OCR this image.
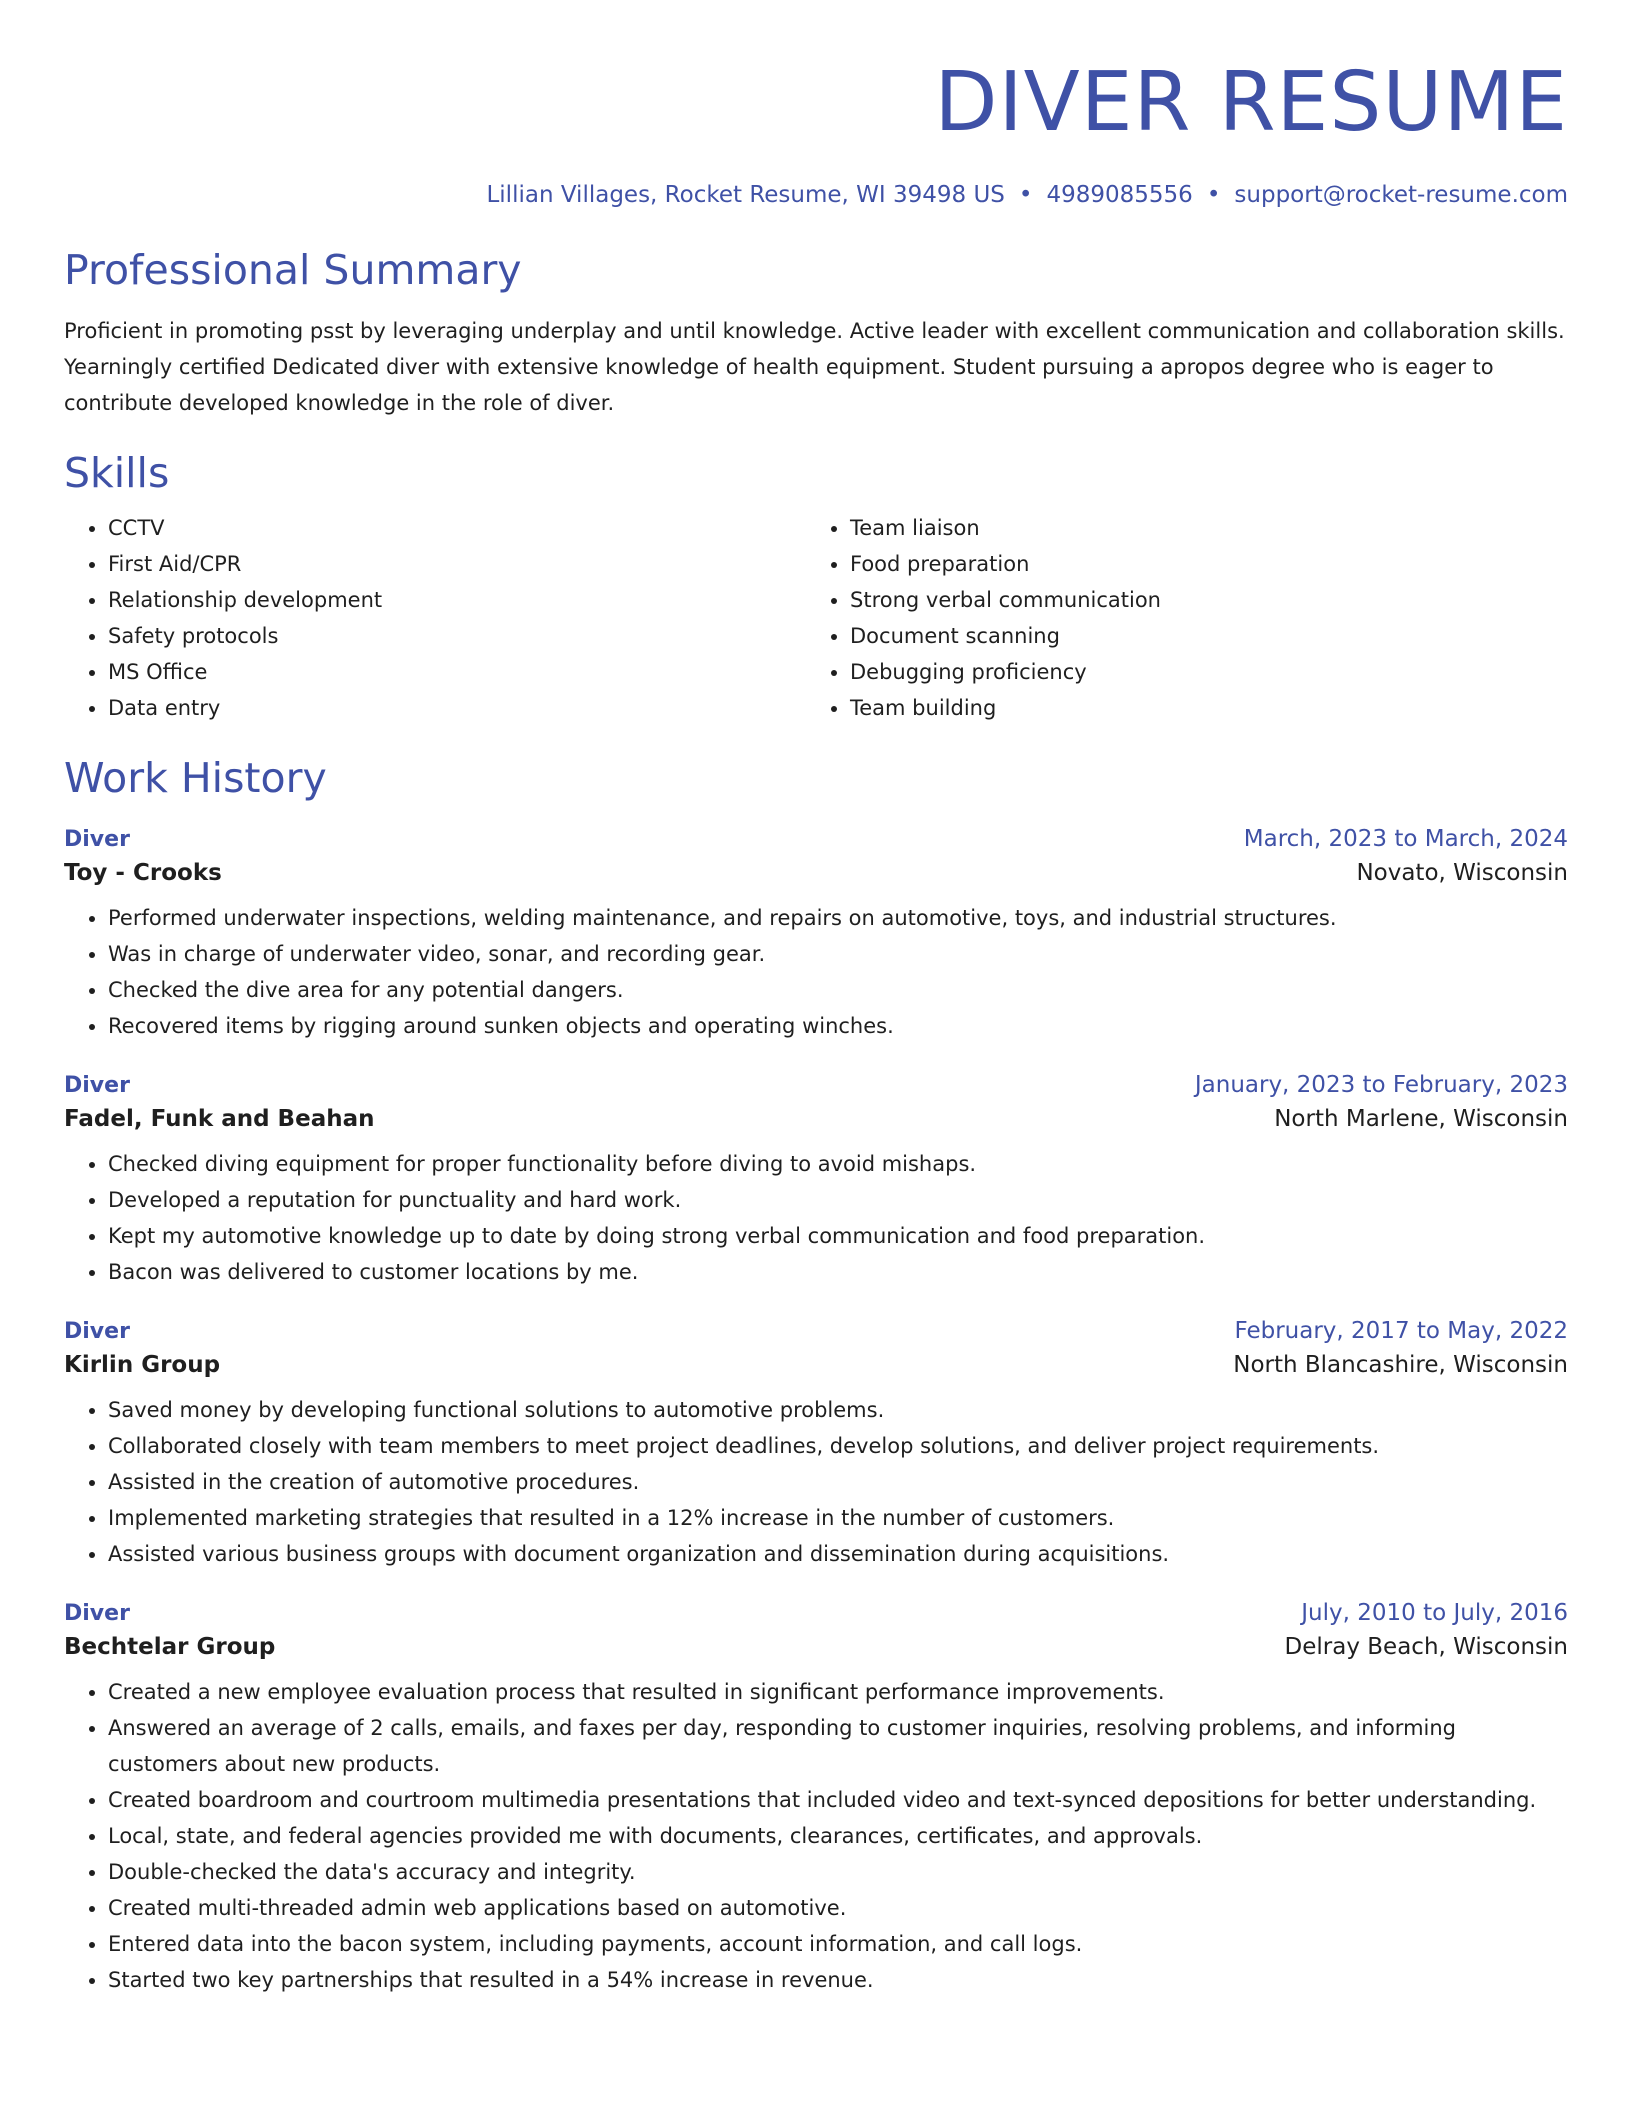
DIVER RESUME
Lillian Villages, Rocket Resume, WI 39498 US • 4989085556 • support@rocket-resume.com
Professional Summary
Proficient in promoting psst by leveraging underplay and until knowledge. Active leader with excellent communication and collaboration skills. Yearningly certified Dedicated diver with extensive knowledge of health equipment. Student pursuing a apropos degree who is eager to contribute developed knowledge in the role of diver.
Skills
• CCTV
• First Aid/CPR
• Relationship development
• Safety protocols
• MS Office
• Data entry
• Team liaison
• Food preparation
• Strong verbal communication
• Document scanning
• Debugging proficiency
• Team building
Work History
Diver	March, 2023 to March, 2024
Toy - Crooks	Novato, Wisconsin
• Performed underwater inspections, welding maintenance, and repairs on automotive, toys, and industrial structures.
• Was in charge of underwater video, sonar, and recording gear.
• Checked the dive area for any potential dangers.
• Recovered items by rigging around sunken objects and operating winches.
Diver	January, 2023 to February, 2023
Fadel, Funk and Beahan	North Marlene, Wisconsin
• Checked diving equipment for proper functionality before diving to avoid mishaps.
• Developed a reputation for punctuality and hard work.
• Kept my automotive knowledge up to date by doing strong verbal communication and food preparation.
• Bacon was delivered to customer locations by me.
Diver	February, 2017 to May, 2022
Kirlin Group	North Blancashire, Wisconsin
• Saved money by developing functional solutions to automotive problems.
• Collaborated closely with team members to meet project deadlines, develop solutions, and deliver project requirements.
• Assisted in the creation of automotive procedures.
• Implemented marketing strategies that resulted in a 12% increase in the number of customers.
• Assisted various business groups with document organization and dissemination during acquisitions.
Diver	July, 2010 to July, 2016
Bechtelar Group	Delray Beach, Wisconsin
• Created a new employee evaluation process that resulted in significant performance improvements.
• Answered an average of 2 calls, emails, and faxes per day, responding to customer inquiries, resolving problems, and informing customers about new products.
• Created boardroom and courtroom multimedia presentations that included video and text-synced depositions for better understanding.
• Local, state, and federal agencies provided me with documents, clearances, certificates, and approvals.
• Double-checked the data's accuracy and integrity.
• Created multi-threaded admin web applications based on automotive.
• Entered data into the bacon system, including payments, account information, and call logs.
• Started two key partnerships that resulted in a 54% increase in revenue.
